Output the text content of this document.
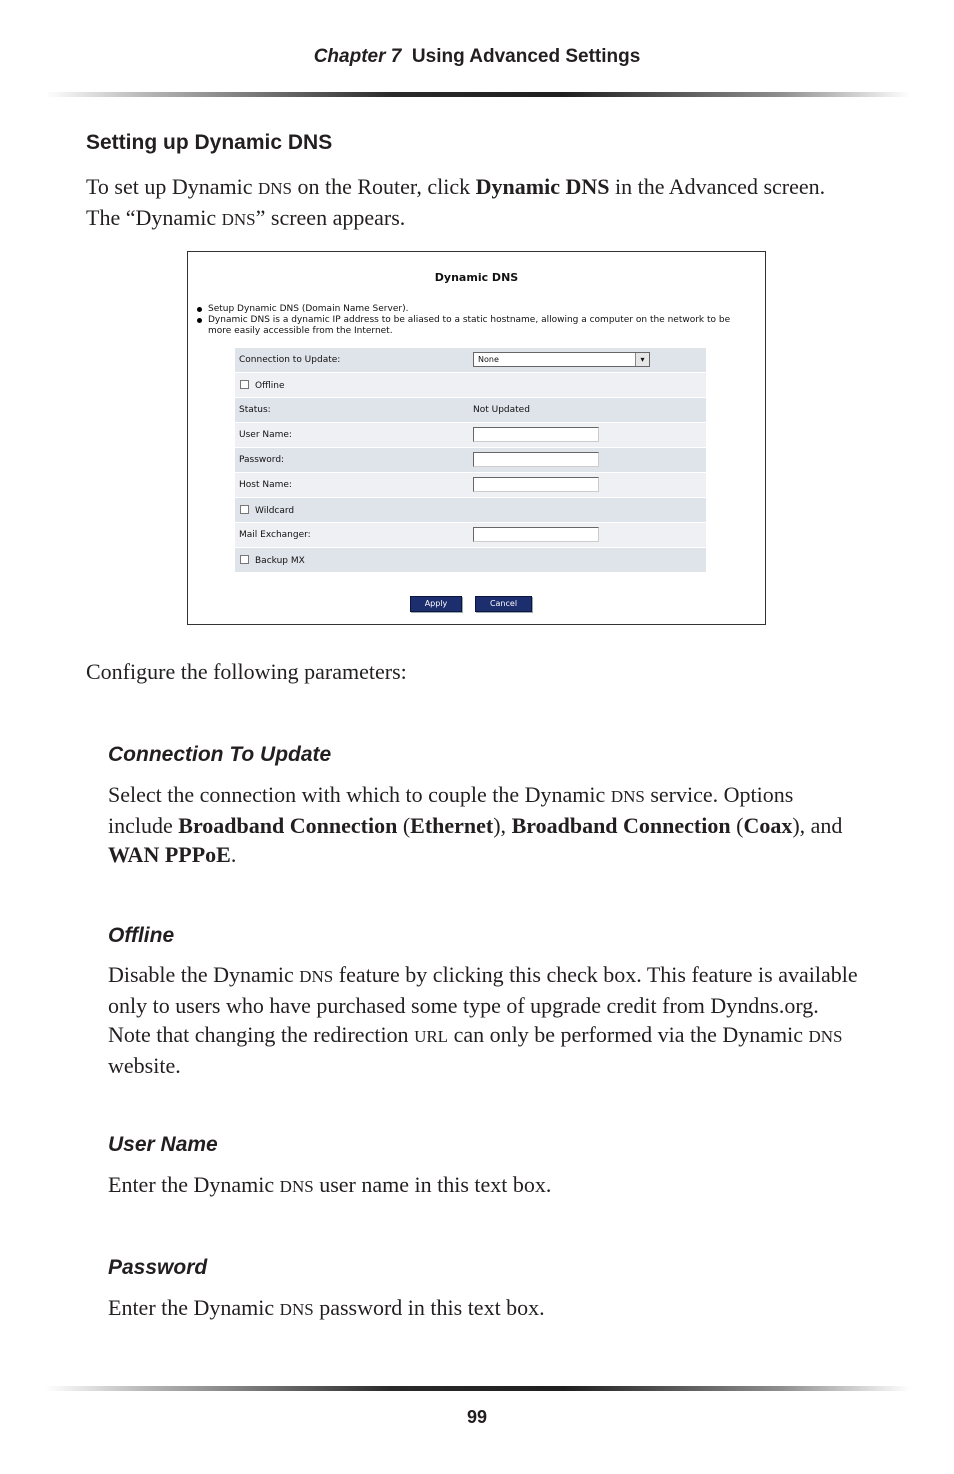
Chapter 7 Using Advanced Settings
Setting up Dynamic DNS

To set up Dynamic DNS on the Router, click Dynamic DNS in the Advanced screen. The “Dynamic DNS” screen appears.

Dynamic DNS
Setup Dynamic DNS (Domain Name Server).
Dynamic DNS is a dynamic IP address to be aliased to a static hostname, allowing a computer on the network to be more easily accessible from the Internet.
Connection to Update:	None	▾
Offline
Status:	Not Updated
User Name:
Password:
Host Name:
Wildcard
Mail Exchanger:
Backup MX
Apply	Cancel

Configure the following parameters:

Connection To Update

Select the connection with which to couple the Dynamic DNS service. Options include Broadband Connection (Ethernet), Broadband Connection (Coax), and WAN PPPoE.

Offline

Disable the Dynamic DNS feature by clicking this check box. This feature is available only to users who have purchased some type of upgrade credit from Dyndns.org. Note that changing the redirection URL can only be performed via the Dynamic DNS website.

User Name

Enter the Dynamic DNS user name in this text box.

Password

Enter the Dynamic DNS password in this text box.

99
